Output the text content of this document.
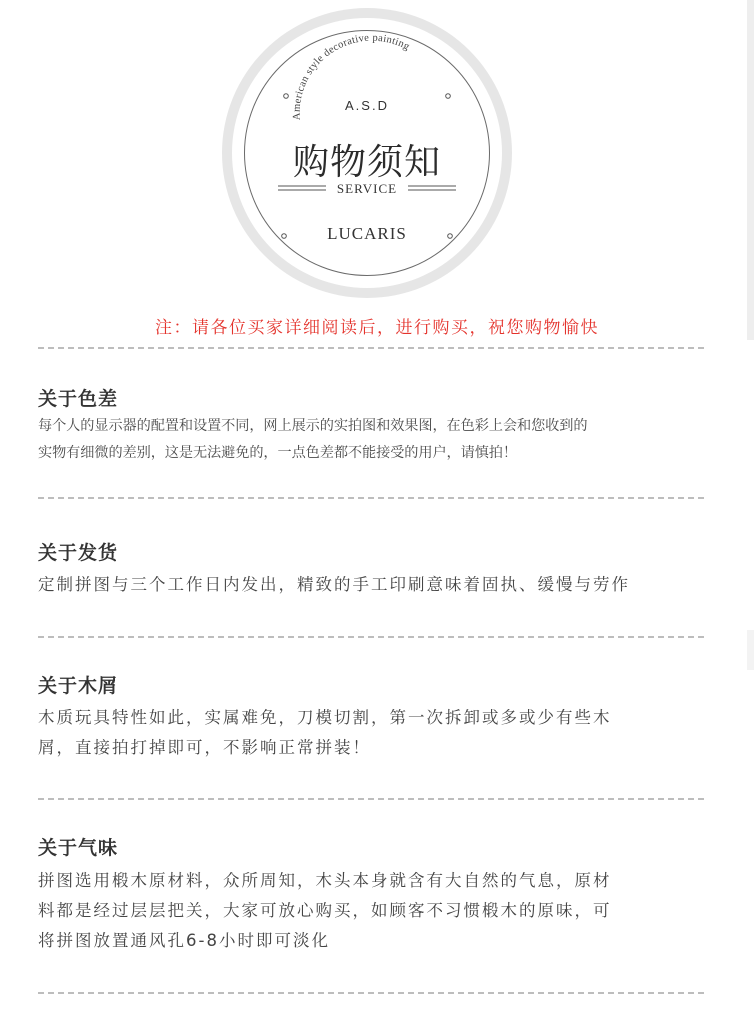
American style decorative painting
A.S.D
购物须知
SERVICE
LUCARIS
注：请各位买家详细阅读后，进行购买，祝您购物愉快
关于色差

每个人的显示器的配置和设置不同，网上展示的实拍图和效果图，在色彩上会和您收到的

实物有细微的差别，这是无法避免的，一点色差都不能接受的用户，请慎拍！

关于发货

定制拼图与三个工作日内发出，精致的手工印刷意味着固执、缓慢与劳作

关于木屑

木质玩具特性如此，实属难免，刀模切割，第一次拆卸或多或少有些木

屑，直接拍打掉即可，不影响正常拼装！

关于气味

拼图选用椴木原材料，众所周知，木头本身就含有大自然的气息，原材

料都是经过层层把关，大家可放心购买，如顾客不习惯椴木的原味，可

将拼图放置通风孔6-8小时即可淡化
